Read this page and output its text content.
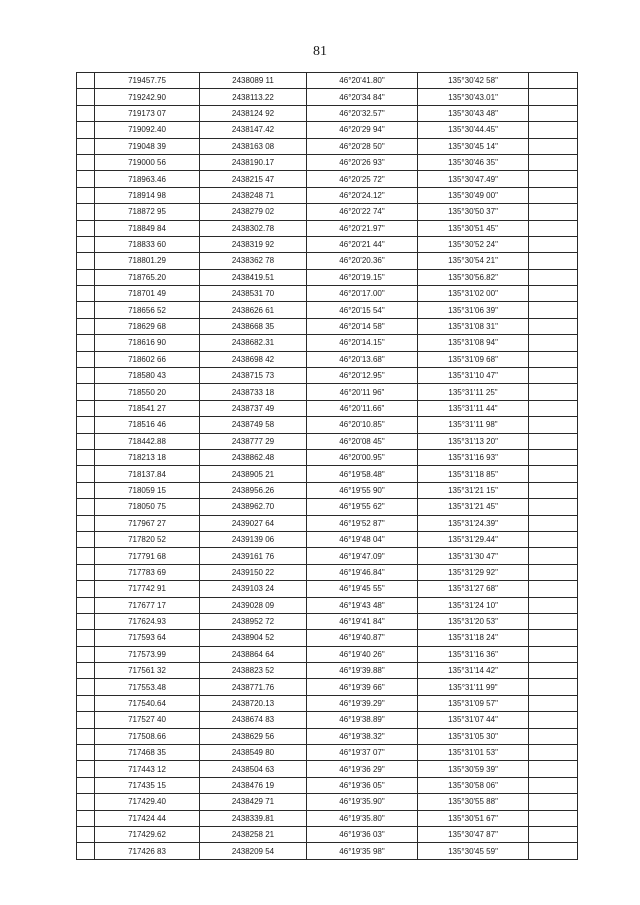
81
	719457.75	2438089 11	46°20'41.80"	135°30'42 58"	
	719242.90	2438113.22	46°20'34 84"	135°30'43.01"	
	719173 07	2438124 92	46°20'32.57"	135°30'43 48"	
	719092.40	2438147.42	46°20'29 94"	135°30'44.45"	
	719048 39	2438163 08	46°20'28 50"	135°30'45 14"	
	719000 56	2438190.17	46°20'26 93"	135°30'46 35"	
	718963.46	2438215 47	46°20'25 72"	135°30'47.49"	
	718914 98	2438248 71	46°20'24.12"	135°30'49 00"	
	718872 95	2438279 02	46°20'22 74"	135°30'50 37"	
	718849 84	2438302.78	46°20'21.97"	135°30'51 45"	
	718833 60	2438319 92	46°20'21 44"	135°30'52 24"	
	718801.29	2438362 78	46°20'20.36"	135°30'54 21"	
	718765.20	2438419.51	46°20'19.15"	135°30'56.82"	
	718701 49	2438531 70	46°20'17.00"	135°31'02 00"	
	718656 52	2438626 61	46°20'15 54"	135°31'06 39"	
	718629 68	2438668 35	46°20'14 58"	135°31'08 31"	
	718616 90	2438682.31	46°20'14.15"	135°31'08 94"	
	718602 66	2438698 42	46°20'13.68"	135°31'09 68"	
	718580 43	2438715 73	46°20'12.95"	135°31'10 47"	
	718550 20	2438733 18	46°20'11 96"	135°31'11 25"	
	718541 27	2438737 49	46°20'11.66"	135°31'11 44"	
	718516 46	2438749 58	46°20'10.85"	135°31'11 98"	
	718442.88	2438777 29	46°20'08 45"	135°31'13 20"	
	718213 18	2438862.48	46°20'00.95"	135°31'16 93"	
	718137.84	2438905 21	46°19'58.48"	135°31'18 85"	
	718059 15	2438956.26	46°19'55 90"	135°31'21 15"	
	718050 75	2438962.70	46°19'55 62"	135°31'21 45"	
	717967 27	2439027 64	46°19'52 87"	135°31'24.39"	
	717820 52	2439139 06	46°19'48 04"	135°31'29.44"	
	717791 68	2439161 76	46°19'47.09"	135°31'30 47"	
	717783 69	2439150 22	46°19'46.84"	135°31'29 92"	
	717742 91	2439103 24	46°19'45 55"	135°31'27 68"	
	717677 17	2439028 09	46°19'43 48"	135°31'24 10"	
	717624.93	2438952 72	46°19'41 84"	135°31'20 53"	
	717593 64	2438904 52	46°19'40.87"	135°31'18 24"	
	717573.99	2438864 64	46°19'40 26"	135°31'16 36"	
	717561 32	2438823 52	46°19'39.88"	135°31'14 42"	
	717553.48	2438771.76	46°19'39 66"	135°31'11 99"	
	717540.64	2438720.13	46°19'39.29"	135°31'09 57"	
	717527 40	2438674 83	46°19'38.89"	135°31'07 44"	
	717508.66	2438629 56	46°19'38.32"	135°31'05 30"	
	717468 35	2438549 80	46°19'37 07"	135°31'01 53"	
	717443 12	2438504 63	46°19'36 29"	135°30'59 39"	
	717435 15	2438476 19	46°19'36 05"	135°30'58 06"	
	717429.40	2438429 71	46°19'35.90"	135°30'55 88"	
	717424 44	2438339.81	46°19'35.80"	135°30'51 67"	
	717429.62	2438258 21	46°19'36 03"	135°30'47 87"	
	717426 83	2438209 54	46°19'35 98"	135°30'45 59"	
